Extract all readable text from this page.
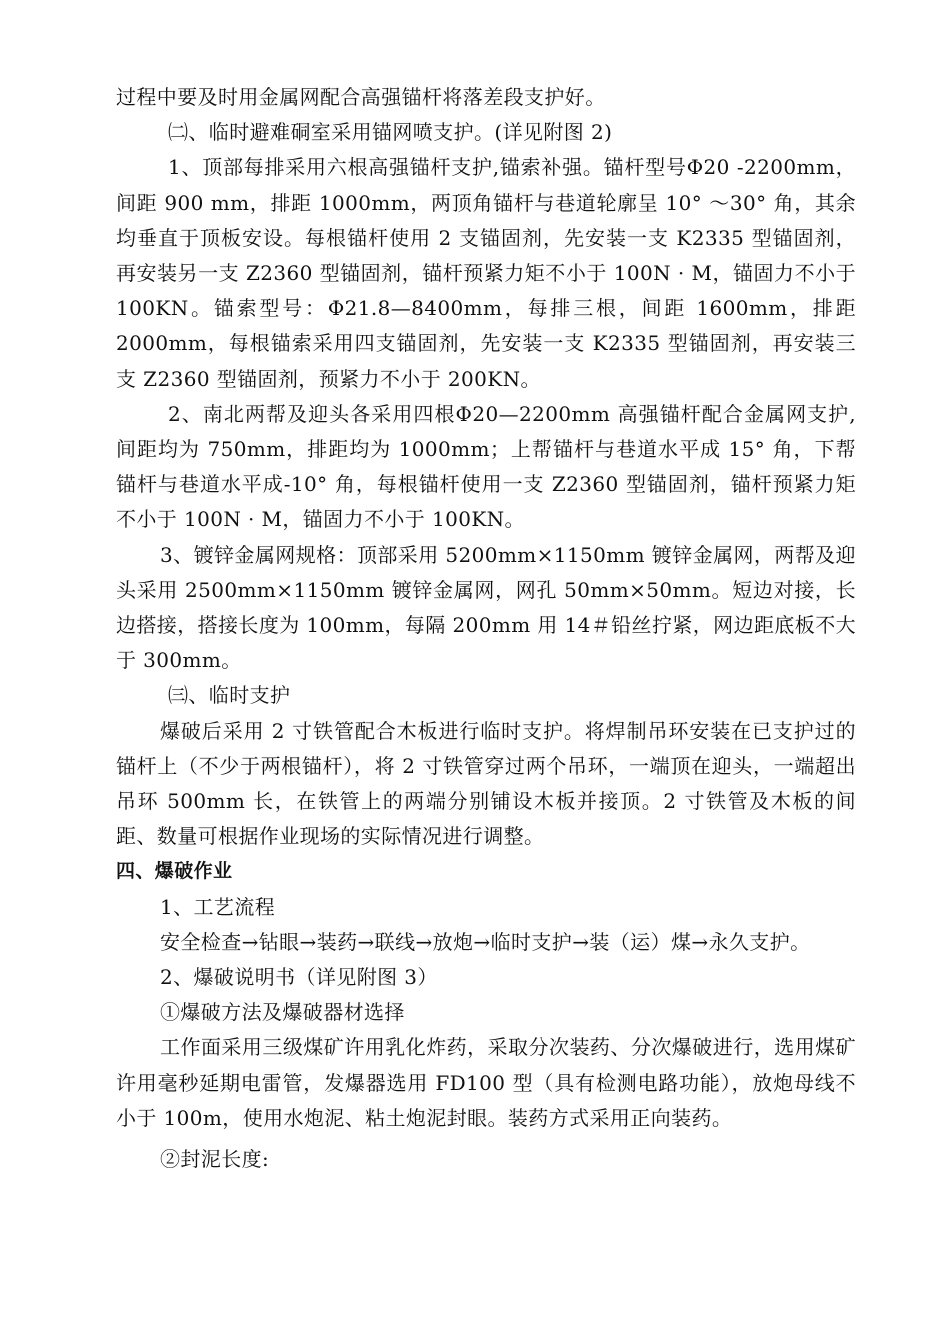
过程中要及时用金属网配合高强锚杆将落差段支护好。

㈡、临时避难硐室采用锚网喷支护。(详见附图 2)

1、顶部每排采用六根高强锚杆支护,锚索补强。锚杆型号Φ20 -2200mm，间距 900 mm，排距 1000mm，两顶角锚杆与巷道轮廓呈 10° ～30° 角，其余均垂直于顶板安设。每根锚杆使用 2 支锚固剂，先安装一支 K2335 型锚固剂，再安装另一支 Z2360 型锚固剂，锚杆预紧力矩不小于 100N · M，锚固力不小于 100KN。锚索型号：Φ21.8—8400mm，每排三根，间距 1600mm，排距 2000mm，每根锚索采用四支锚固剂，先安装一支 K2335 型锚固剂，再安装三支 Z2360 型锚固剂，预紧力不小于 200KN。

2、南北两帮及迎头各采用四根Φ20—2200mm 高强锚杆配合金属网支护,间距均为 750mm，排距均为 1000mm；上帮锚杆与巷道水平成 15° 角，下帮锚杆与巷道水平成-10° 角，每根锚杆使用一支 Z2360 型锚固剂，锚杆预紧力矩不小于 100N · M，锚固力不小于 100KN。

3、镀锌金属网规格：顶部采用 5200mm×1150mm 镀锌金属网，两帮及迎头采用 2500mm×1150mm 镀锌金属网，网孔 50mm×50mm。短边对接，长边搭接，搭接长度为 100mm，每隔 200mm 用 14＃铅丝拧紧，网边距底板不大于 300mm。

㈢、临时支护

爆破后采用 2 寸铁管配合木板进行临时支护。将焊制吊环安装在已支护过的锚杆上（不少于两根锚杆），将 2 寸铁管穿过两个吊环，一端顶在迎头，一端超出吊环 500mm 长，在铁管上的两端分别铺设木板并接顶。2 寸铁管及木板的间距、数量可根据作业现场的实际情况进行调整。

四、爆破作业

1、工艺流程

安全检查→钻眼→装药→联线→放炮→临时支护→装（运）煤→永久支护。

2、爆破说明书（详见附图 3）

①爆破方法及爆破器材选择

工作面采用三级煤矿许用乳化炸药，采取分次装药、分次爆破进行，选用煤矿许用毫秒延期电雷管，发爆器选用 FD100 型（具有检测电路功能），放炮母线不小于 100m，使用水炮泥、粘土炮泥封眼。装药方式采用正向装药。

②封泥长度:
